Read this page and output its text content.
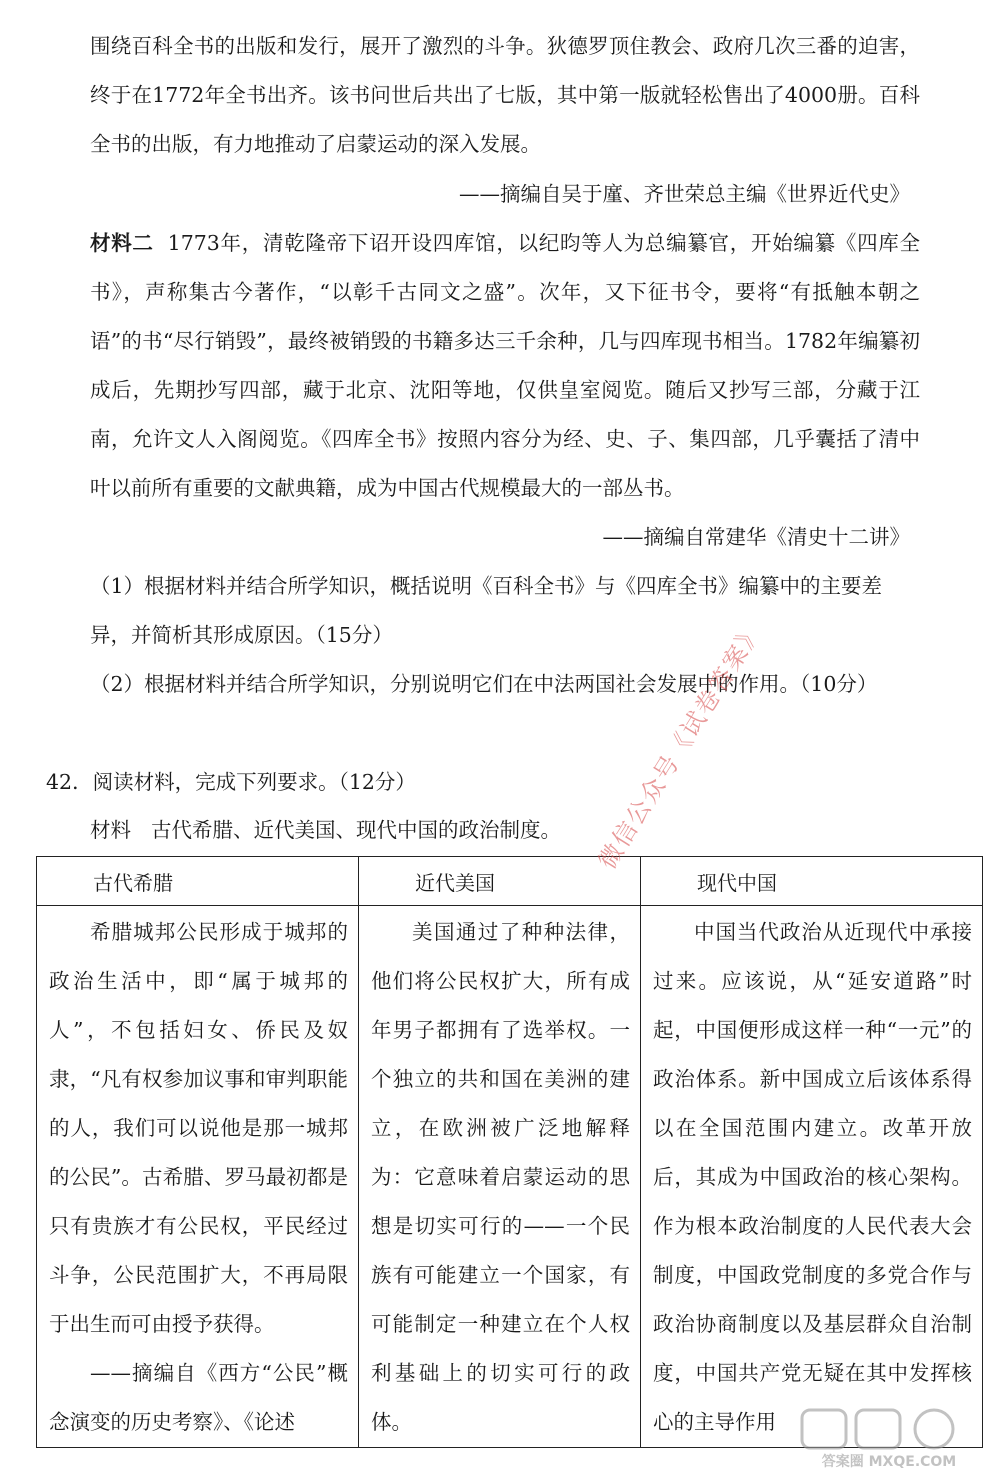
围绕百科全书的出版和发行，展开了激烈的斗争。狄德罗顶住教会、政府几次三番的迫害，终于在1772年全书出齐。该书问世后共出了七版，其中第一版就轻松售出了4000册。百科全书的出版，有力地推动了启蒙运动的深入发展。

——摘编自吴于廑、齐世荣总主编《世界近代史》

材料二 1773年，清乾隆帝下诏开设四库馆，以纪昀等人为总编纂官，开始编纂《四库全书》，声称集古今著作，“以彰千古同文之盛”。次年，又下征书令，要将“有抵触本朝之语”的书“尽行销毁”，最终被销毁的书籍多达三千余种，几与四库现书相当。1782年编纂初成后，先期抄写四部，藏于北京、沈阳等地，仅供皇室阅览。随后又抄写三部，分藏于江南，允许文人入阁阅览。《四库全书》按照内容分为经、史、子、集四部，几乎囊括了清中叶以前所有重要的文献典籍，成为中国古代规模最大的一部丛书。

——摘编自常建华《清史十二讲》

（1）根据材料并结合所学知识，概括说明《百科全书》与《四库全书》编纂中的主要差异，并简析其形成原因。（15分）

（2）根据材料并结合所学知识，分别说明它们在中法两国社会发展中的作用。（10分）

42．阅读材料，完成下列要求。（12分）
材料 古代希腊、近代美国、现代中国的政治制度。
古代希腊	近代美国	现代中国
希腊城邦公民形成于城邦的政治生活中，即“属于城邦的人”，不包括妇女、侨民及奴隶，“凡有权参加议事和审判职能的人，我们可以说他是那一城邦的公民”。古希腊、罗马最初都是只有贵族才有公民权，平民经过斗争，公民范围扩大，不再局限于出生而可由授予获得。
——摘编自《西方“公民”概念演变的历史考察》、《论述	美国通过了种种法律，他们将公民权扩大，所有成年男子都拥有了选举权。一个独立的共和国在美洲的建立，在欧洲被广泛地解释为：它意味着启蒙运动的思想是切实可行的——一个民族有可能建立一个国家，有可能制定一种建立在个人权利基础上的切实可行的政体。	中国当代政治从近现代中承接过来。应该说，从“延安道路”时起，中国便形成这样一种“一元”的政治体系。新中国成立后该体系得以在全国范围内建立。改革开放后，其成为中国政治的核心架构。作为根本政治制度的人民代表大会制度，中国政党制度的多党合作与政治协商制度以及基层群众自治制度，中国共产党无疑在其中发挥核心的主导作用
微信公众号《试卷答案》
答案圈 MXQE.COM
